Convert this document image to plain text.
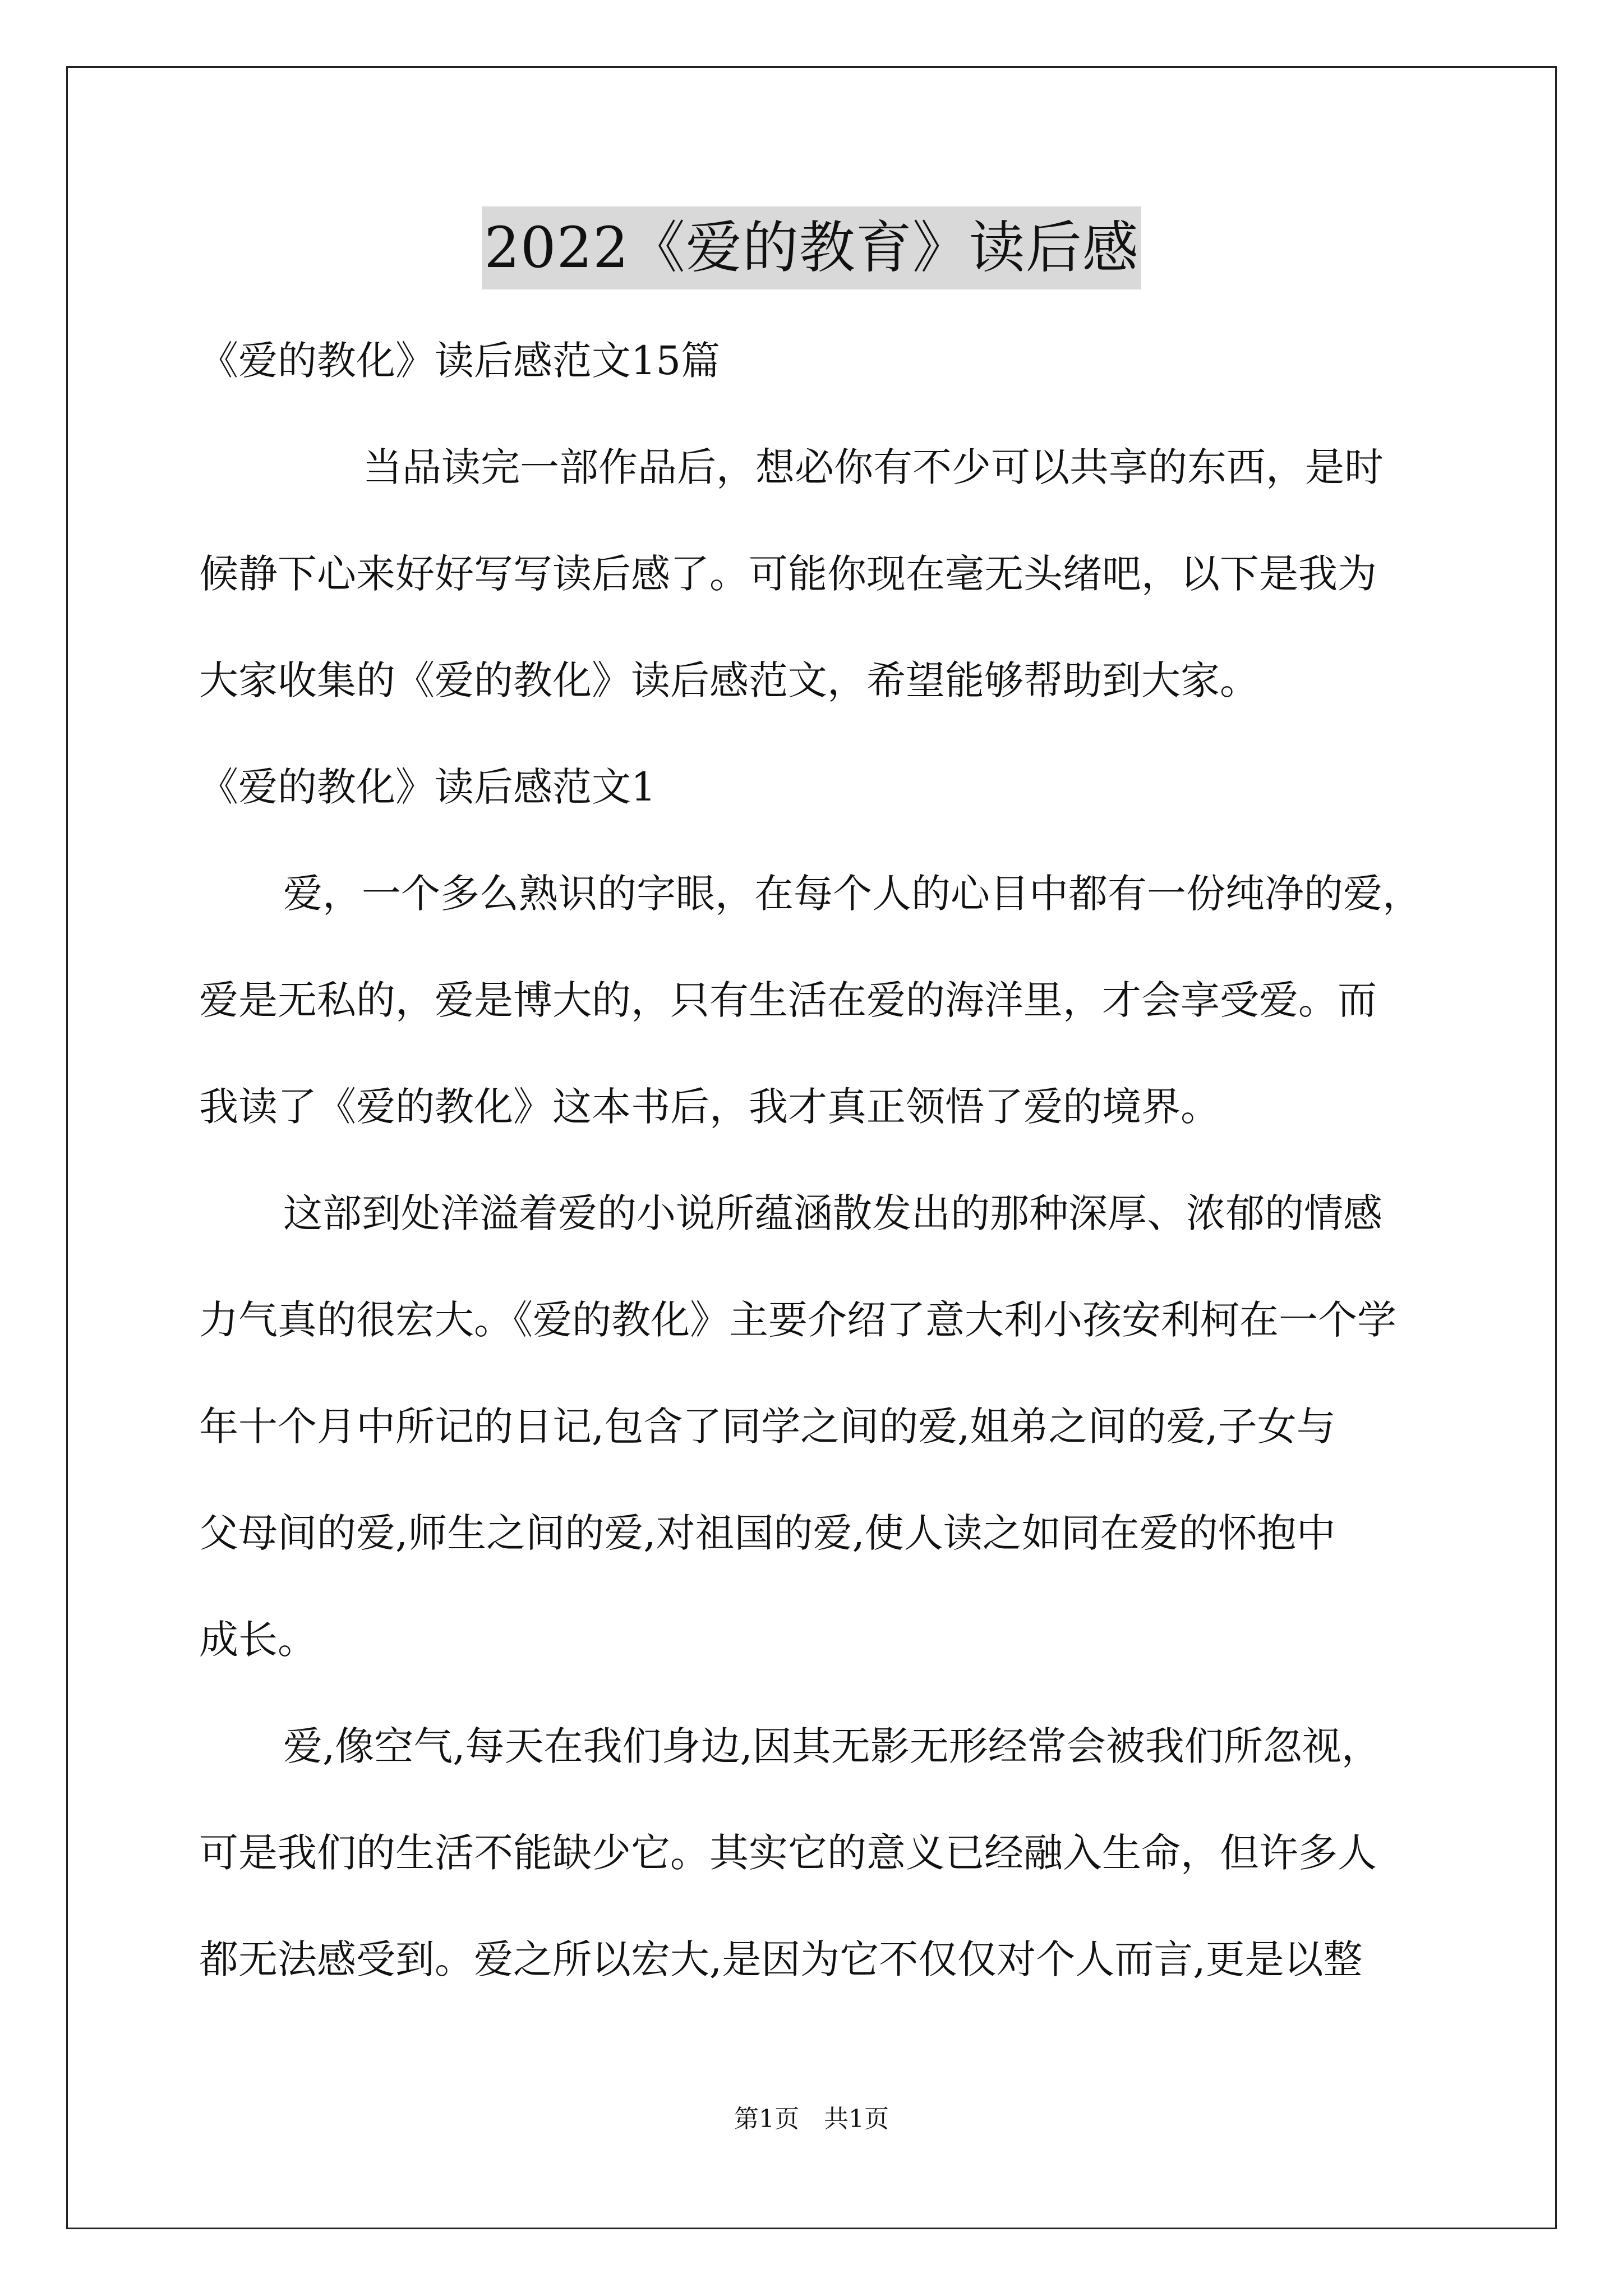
2022《爱的教育》读后感
《爱的教化》读后感范文15篇
当品读完一部作品后，想必你有不少可以共享的东西，是时
候静下心来好好写写读后感了。可能你现在毫无头绪吧，以下是我为
大家收集的《爱的教化》读后感范文，希望能够帮助到大家。
《爱的教化》读后感范文1
爱，一个多么熟识的字眼，在每个人的心目中都有一份纯净的爱，
爱是无私的，爱是博大的，只有生活在爱的海洋里，才会享受爱。而
我读了《爱的教化》这本书后，我才真正领悟了爱的境界。
这部到处洋溢着爱的小说所蕴涵散发出的那种深厚、浓郁的情感
力气真的很宏大。《爱的教化》主要介绍了意大利小孩安利柯在一个学
年十个月中所记的日记,包含了同学之间的爱,姐弟之间的爱,子女与
父母间的爱,师生之间的爱,对祖国的爱,使人读之如同在爱的怀抱中
成长。
爱,像空气,每天在我们身边,因其无影无形经常会被我们所忽视，
可是我们的生活不能缺少它。其实它的意义已经融入生命，但许多人
都无法感受到。爱之所以宏大,是因为它不仅仅对个人而言,更是以整
第1页　共1页
